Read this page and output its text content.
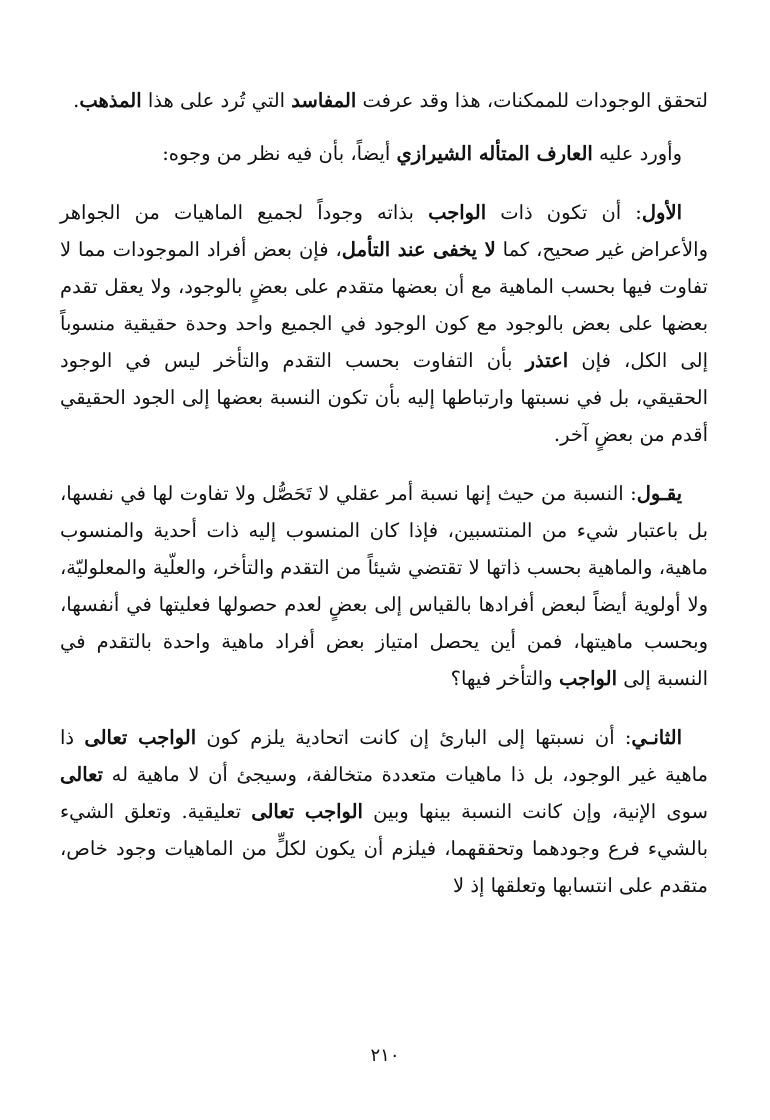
لتحقق الوجودات للممكنات، هذا وقد عرفت المفاسد التي تُرد على هذا المذهب.

وأورد عليه العارف المتأله الشيرازي أيضاً، بأن فيه نظر من وجوه:

الأول: أن تكون ذات الواجب بذاته وجوداً لجميع الماهيات من الجواهر والأعراض غير صحيح، كما لا يخفى عند التأمل، فإن بعض أفراد الموجودات مما لا تفاوت فيها بحسب الماهية مع أن بعضها متقدم على بعضٍ بالوجود، ولا يعقل تقدم بعضها على بعض بالوجود مع كون الوجود في الجميع واحد وحدة حقيقية منسوباً إلى الكل، فإن اعتذر بأن التفاوت بحسب التقدم والتأخر ليس في الوجود الحقيقي، بل في نسبتها وارتباطها إليه بأن تكون النسبة بعضها إلى الجود الحقيقي أقدم من بعضٍ آخر.

يقـول: النسبة من حيث إنها نسبة أمر عقلي لا تَحَصُّل ولا تفاوت لها في نفسها، بل باعتبار شيء من المنتسبين، فإذا كان المنسوب إليه ذات أحدية والمنسوب ماهية، والماهية بحسب ذاتها لا تقتضي شيئاً من التقدم والتأخر، والعلّية والمعلوليّة، ولا أولوية أيضاً لبعض أفرادها بالقياس إلى بعضٍ لعدم حصولها فعليتها في أنفسها، وبحسب ماهيتها، فمن أين يحصل امتياز بعض أفراد ماهية واحدة بالتقدم في النسبة إلى الواجب والتأخر فيها؟

الثانـي: أن نسبتها إلى البارئ إن كانت اتحادية يلزم كون الواجب تعالى ذا ماهية غير الوجود، بل ذا ماهيات متعددة متخالفة، وسيجئ أن لا ماهية له تعالى سوى الإنية، وإن كانت النسبة بينها وبين الواجب تعالى تعليقية. وتعلق الشيء بالشيء فرع وجودهما وتحققهما، فيلزم أن يكون لكلٍّ من الماهيات وجود خاص، متقدم على انتسابها وتعلقها إذ لا

٢١٠
